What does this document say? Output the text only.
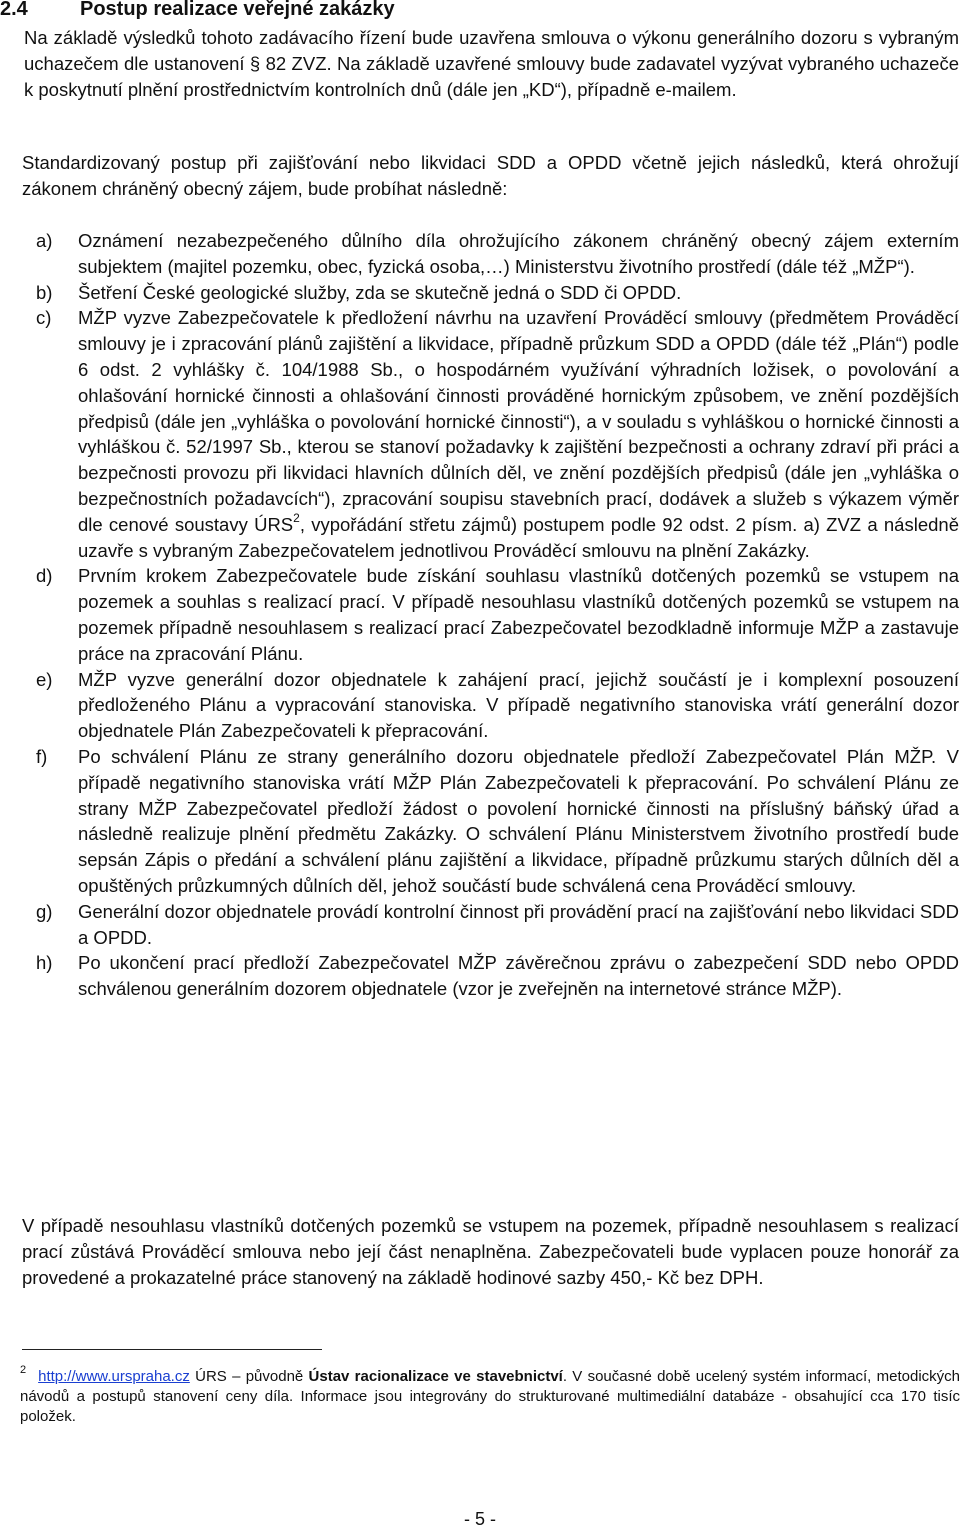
2.4	Postup realizace veřejné zakázky
Na základě výsledků tohoto zadávacího řízení bude uzavřena smlouva o výkonu generálního dozoru s vybraným uchazečem dle ustanovení § 82 ZVZ. Na základě uzavřené smlouvy bude zadavatel vyzývat vybraného uchazeče k poskytnutí plnění prostřednictvím kontrolních dnů (dále jen „KD“), případně e-mailem.
Standardizovaný postup při zajišťování nebo likvidaci SDD a OPDD včetně jejich následků, která ohrožují zákonem chráněný obecný zájem, bude probíhat následně:
a) Oznámení nezabezpečeného důlního díla ohrožujícího zákonem chráněný obecný zájem externím subjektem (majitel pozemku, obec, fyzická osoba,…) Ministerstvu životního prostředí (dále též „MŽP“).
b) Šetření České geologické služby, zda se skutečně jedná o SDD či OPDD.
c) MŽP vyzve Zabezpečovatele k předložení návrhu na uzavření Prováděcí smlouvy (předmětem Prováděcí smlouvy je i zpracování plánů zajištění a likvidace, případně průzkum SDD a OPDD (dále též „Plán“) podle 6 odst. 2 vyhlášky č. 104/1988 Sb., o hospodárném využívání výhradních ložisek, o povolování a ohlašování hornické činnosti a ohlašování činnosti prováděné hornickým způsobem, ve znění pozdějších předpisů (dále jen „vyhláška o povolování hornické činnosti“), a v souladu s vyhláškou o hornické činnosti a vyhláškou č. 52/1997 Sb., kterou se stanoví požadavky k zajištění bezpečnosti a ochrany zdraví při práci a bezpečnosti provozu při likvidaci hlavních důlních děl, ve znění pozdějších předpisů (dále jen „vyhláška o bezpečnostních požadavcích“), zpracování soupisu stavebních prací, dodávek a služeb s výkazem výměr dle cenové soustavy ÚRS$^2$, vypořádání střetu zájmů) postupem podle 92 odst. 2 písm. a) ZVZ a následně uzavře s vybraným Zabezpečovatelem jednotlivou Prováděcí smlouvu na plnění Zakázky.
d) Prvním krokem Zabezpečovatele bude získání souhlasu vlastníků dotčených pozemků se vstupem na pozemek a souhlas s realizací prací. V případě nesouhlasu vlastníků dotčených pozemků se vstupem na pozemek případně nesouhlasem s realizací prací Zabezpečovatel bezodkladně informuje MŽP a zastavuje práce na zpracování Plánu.
e) MŽP vyzve generální dozor objednatele k zahájení prací, jejichž součástí je i komplexní posouzení předloženého Plánu a vypracování stanoviska. V případě negativního stanoviska vrátí generální dozor objednatele Plán Zabezpečovateli k přepracování.
f) Po schválení Plánu ze strany generálního dozoru objednatele předloží Zabezpečovatel Plán MŽP. V případě negativního stanoviska vrátí MŽP Plán Zabezpečovateli k přepracování. Po schválení Plánu ze strany MŽP Zabezpečovatel předloží žádost o povolení hornické činnosti na příslušný báňský úřad a následně realizuje plnění předmětu Zakázky. O schválení Plánu Ministerstvem životního prostředí bude sepsán Zápis o předání a schválení plánu zajištění a likvidace, případně průzkumu starých důlních děl a opuštěných průzkumných důlních děl, jehož součástí bude schválená cena Prováděcí smlouvy.
g) Generální dozor objednatele provádí kontrolní činnost při provádění prací na zajišťování nebo likvidaci SDD a OPDD.
h) Po ukončení prací předloží Zabezpečovatel MŽP závěrečnou zprávu o zabezpečení SDD nebo OPDD schválenou generálním dozorem objednatele (vzor je zveřejněn na internetové stránce MŽP).
V případě nesouhlasu vlastníků dotčených pozemků se vstupem na pozemek, případně nesouhlasem s realizací prací zůstává Prováděcí smlouva nebo její část nenaplněna. Zabezpečovateli bude vyplacen pouze honorář za provedené a prokazatelné práce stanovený na základě hodinové sazby 450,- Kč bez DPH.
$^2$ http://www.urspraha.cz ÚRS – původně Ústav racionalizace ve stavebnictví. V současné době ucelený systém informací, metodických návodů a postupů stanovení ceny díla. Informace jsou integrovány do strukturované multimediální databáze - obsahující cca 170 tisíc položek.
- 5 -
